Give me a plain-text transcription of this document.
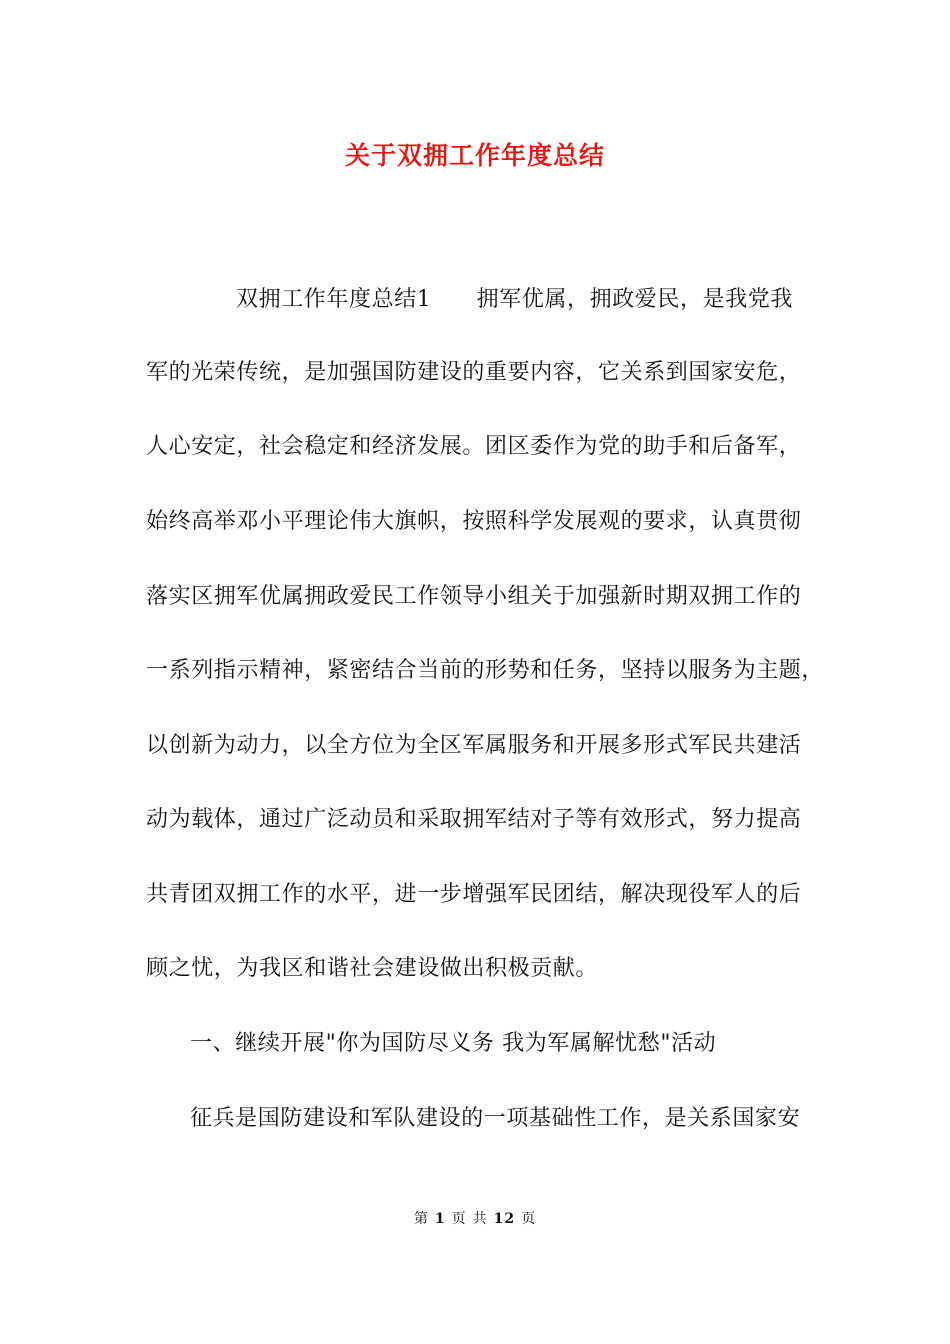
关于双拥工作年度总结

双拥工作年度总结1　　拥军优属，拥政爱民，是我党我

军的光荣传统，是加强国防建设的重要内容，它关系到国家安危，

人心安定，社会稳定和经济发展。团区委作为党的助手和后备军，

始终高举邓小平理论伟大旗帜，按照科学发展观的要求，认真贯彻

落实区拥军优属拥政爱民工作领导小组关于加强新时期双拥工作的

一系列指示精神，紧密结合当前的形势和任务，坚持以服务为主题，

以创新为动力，以全方位为全区军属服务和开展多形式军民共建活

动为载体，通过广泛动员和采取拥军结对子等有效形式，努力提高

共青团双拥工作的水平，进一步增强军民团结，解决现役军人的后

顾之忧，为我区和谐社会建设做出积极贡献。

一、继续开展"你为国防尽义务 我为军属解忧愁"活动

征兵是国防建设和军队建设的一项基础性工作，是关系国家安

第 1 页 共 12 页
